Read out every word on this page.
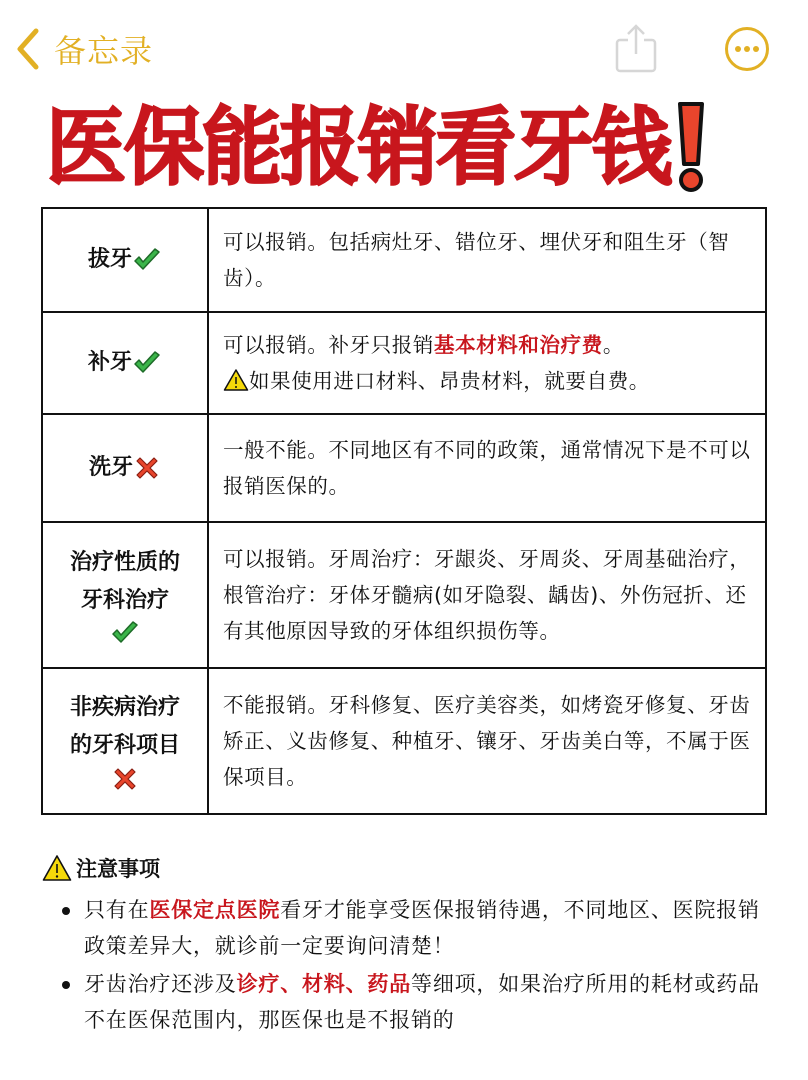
备忘录
医保能报销看牙钱
拔牙	可以报销。包括病灶牙、错位牙、埋伏牙和阻生牙（智齿）。
补牙	可以报销。补牙只报销基本材料和治疗费。
如果使用进口材料、昂贵材料，就要自费。
洗牙	一般不能。不同地区有不同的政策，通常情况下是不可以报销医保的。
治疗性质的
牙科治疗	可以报销。牙周治疗：牙龈炎、牙周炎、牙周基础治疗，根管治疗：牙体牙髓病(如牙隐裂、龋齿)、外伤冠折、还有其他原因导致的牙体组织损伤等。
非疾病治疗
的牙科项目	不能报销。牙科修复、医疗美容类，如烤瓷牙修复、牙齿矫正、义齿修复、种植牙、镶牙、牙齿美白等，不属于医保项目。
注意事项
只有在医保定点医院看牙才能享受医保报销待遇，不同地区、医院报销政策差异大，就诊前一定要询问清楚！
牙齿治疗还涉及诊疗、材料、药品等细项，如果治疗所用的耗材或药品不在医保范围内，那医保也是不报销的
